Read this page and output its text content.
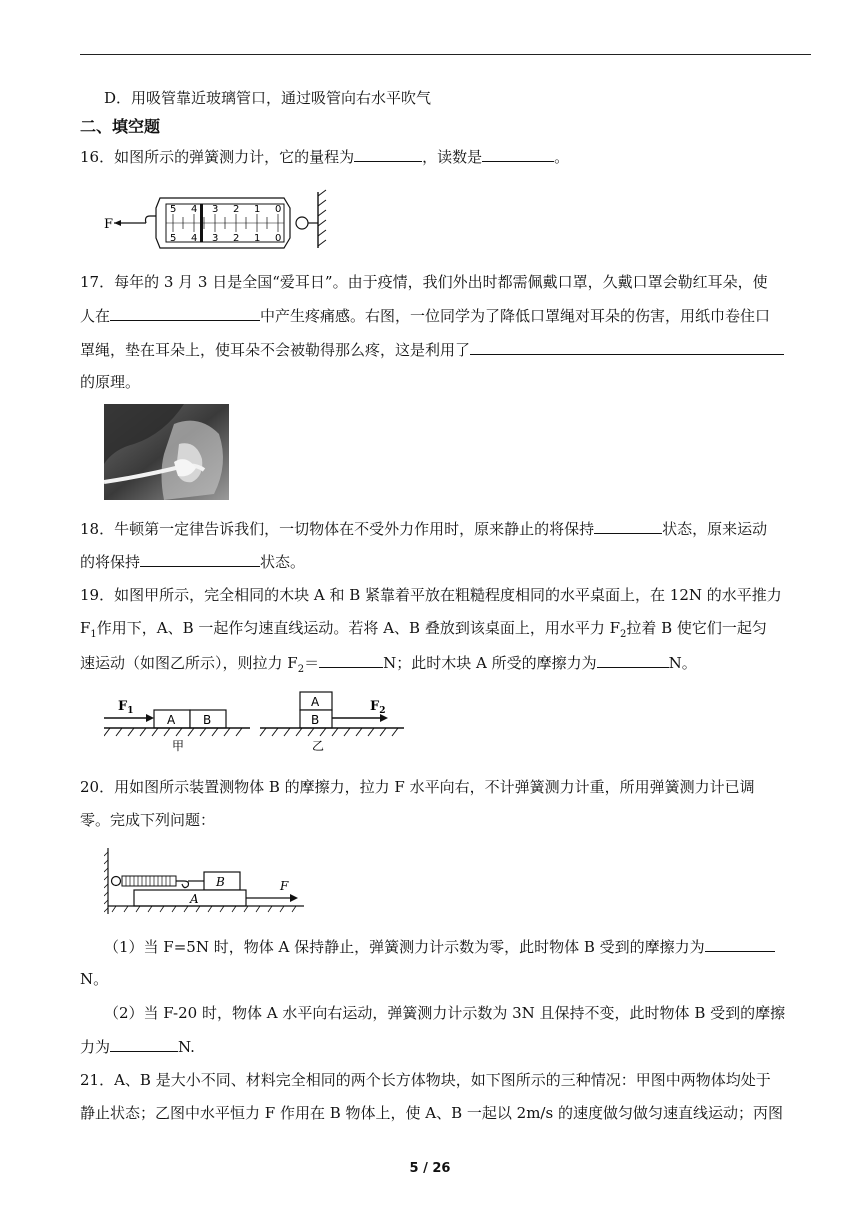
D．用吸管靠近玻璃管口，通过吸管向右水平吹气
二、填空题
16．如图所示的弹簧测力计，它的量程为	，读数是	。
F
5 4 3 2 1 0
5 4 3 2 1 0
17．每年的 3 月 3 日是全国“爱耳日”。由于疫情，我们外出时都需佩戴口罩，久戴口罩会勒红耳朵，使
人在	中产生疼痛感。右图，一位同学为了降低口罩绳对耳朵的伤害，用纸巾卷住口
罩绳，垫在耳朵上，使耳朵不会被勒得那么疼，这是利用了
的原理。
18．牛顿第一定律告诉我们，一切物体在不受外力作用时，原来静止的将保持	状态，原来运动
的将保持	状态。
19．如图甲所示，完全相同的木块 A 和 B 紧靠着平放在粗糙程度相同的水平桌面上，在 12N 的水平推力
$F_1$作用下，A、B 一起作匀速直线运动。若将 A、B 叠放到该桌面上，用水平力 $F_2$拉着 B 使它们一起匀
速运动（如图乙所示），则拉力 $F_2=$	N；此时木块 A 所受的摩擦力为	N。
$F_1$
A B
甲
A
B
$F_2$
乙
20．用如图所示装置测物体 B 的摩擦力，拉力 F 水平向右，不计弹簧测力计重，所用弹簧测力计已调
零。完成下列问题：
B
A
F
（1）当 F=5N 时，物体 A 保持静止，弹簧测力计示数为零，此时物体 B 受到的摩擦力为
N。
（2）当 F-20 时，物体 A 水平向右运动，弹簧测力计示数为 3N 且保持不变，此时物体 B 受到的摩擦
力为	N.
21．A、B 是大小不同、材料完全相同的两个长方体物块，如下图所示的三种情况：甲图中两物体均处于
静止状态；乙图中水平恒力 F 作用在 B 物体上，使 A、B 一起以 2m/s 的速度做匀做匀速直线运动；丙图
5 / 26
